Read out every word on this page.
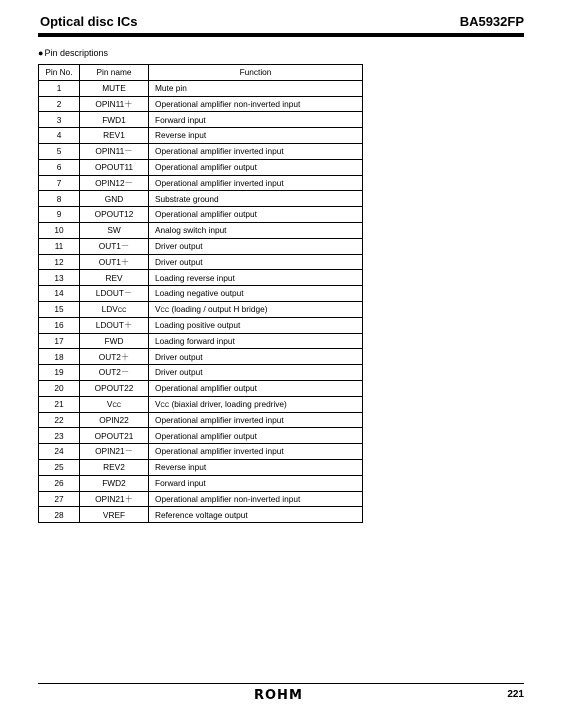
Optical disc ICs	BA5932FP
●Pin descriptions
Pin No.	Pin name	Function
1	MUTE	Mute pin
2	OPIN11＋	Operational amplifier non-inverted input
3	FWD1	Forward input
4	REV1	Reverse input
5	OPIN11－	Operational amplifier inverted input
6	OPOUT11	Operational amplifier output
7	OPIN12－	Operational amplifier inverted input
8	GND	Substrate ground
9	OPOUT12	Operational amplifier output
10	SW	Analog switch input
11	OUT1－	Driver output
12	OUT1＋	Driver output
13	REV	Loading reverse input
14	LDOUT－	Loading negative output
15	LDVCC	VCC (loading / output H bridge)
16	LDOUT＋	Loading positive output
17	FWD	Loading forward input
18	OUT2＋	Driver output
19	OUT2－	Driver output
20	OPOUT22	Operational amplifier output
21	VCC	VCC (biaxial driver, loading predrive)
22	OPIN22	Operational amplifier inverted input
23	OPOUT21	Operational amplifier output
24	OPIN21－	Operational amplifier inverted input
25	REV2	Reverse input
26	FWD2	Forward input
27	OPIN21＋	Operational amplifier non-inverted input
28	VREF	Reference voltage output
ROHM	221
